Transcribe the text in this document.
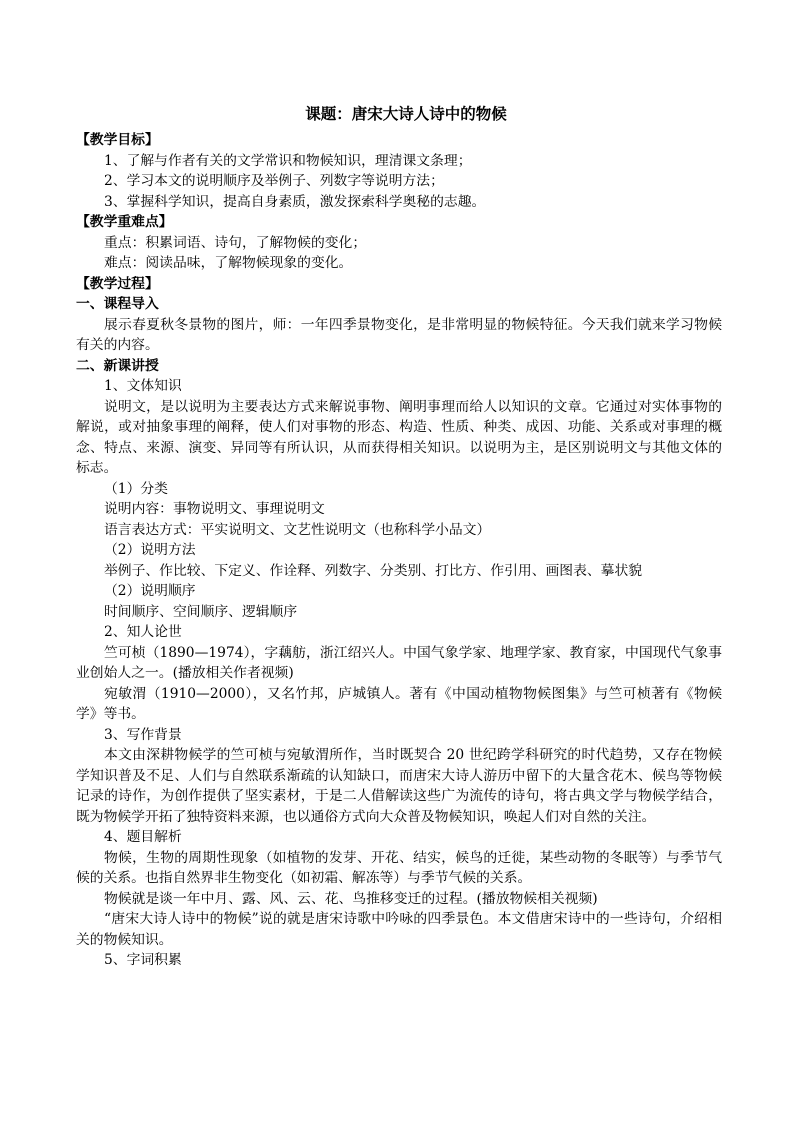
课题：唐宋大诗人诗中的物候

【教学目标】

1、了解与作者有关的文学常识和物候知识，理清课文条理；

2、学习本文的说明顺序及举例子、列数字等说明方法；

3、掌握科学知识，提高自身素质，激发探索科学奥秘的志趣。

【教学重难点】

重点：积累词语、诗句，了解物候的变化；

难点：阅读品味，了解物候现象的变化。

【教学过程】

一、课程导入

展示春夏秋冬景物的图片，师：一年四季景物变化，是非常明显的物候特征。今天我们就来学习物候有关的内容。

二、新课讲授

1、文体知识

说明文，是以说明为主要表达方式来解说事物、阐明事理而给人以知识的文章。它通过对实体事物的解说，或对抽象事理的阐释，使人们对事物的形态、构造、性质、种类、成因、功能、关系或对事理的概念、特点、来源、演变、异同等有所认识，从而获得相关知识。以说明为主，是区别说明文与其他文体的标志。

（1）分类

说明内容：事物说明文、事理说明文

语言表达方式：平实说明文、文艺性说明文（也称科学小品文）

（2）说明方法

举例子、作比较、下定义、作诠释、列数字、分类别、打比方、作引用、画图表、摹状貌

（2）说明顺序

时间顺序、空间顺序、逻辑顺序

2、知人论世

竺可桢（1890—1974），字藕舫，浙江绍兴人。中国气象学家、地理学家、教育家，中国现代气象事业创始人之一。(播放相关作者视频)

宛敏渭（1910—2000），又名竹邦，庐城镇人。著有《中国动植物物候图集》与竺可桢著有《物候学》等书。

3、写作背景

本文由深耕物候学的竺可桢与宛敏渭所作，当时既契合 20 世纪跨学科研究的时代趋势，又存在物候学知识普及不足、人们与自然联系渐疏的认知缺口，而唐宋大诗人游历中留下的大量含花木、候鸟等物候记录的诗作，为创作提供了坚实素材，于是二人借解读这些广为流传的诗句，将古典文学与物候学结合，既为物候学开拓了独特资料来源，也以通俗方式向大众普及物候知识，唤起人们对自然的关注。

4、题目解析

物候，生物的周期性现象（如植物的发芽、开花、结实，候鸟的迁徙，某些动物的冬眠等）与季节气候的关系。也指自然界非生物变化（如初霜、解冻等）与季节气候的关系。

物候就是谈一年中月、露、风、云、花、鸟推移变迁的过程。(播放物候相关视频)

“唐宋大诗人诗中的物候”说的就是唐宋诗歌中吟咏的四季景色。本文借唐宋诗中的一些诗句，介绍相关的物候知识。

5、字词积累
